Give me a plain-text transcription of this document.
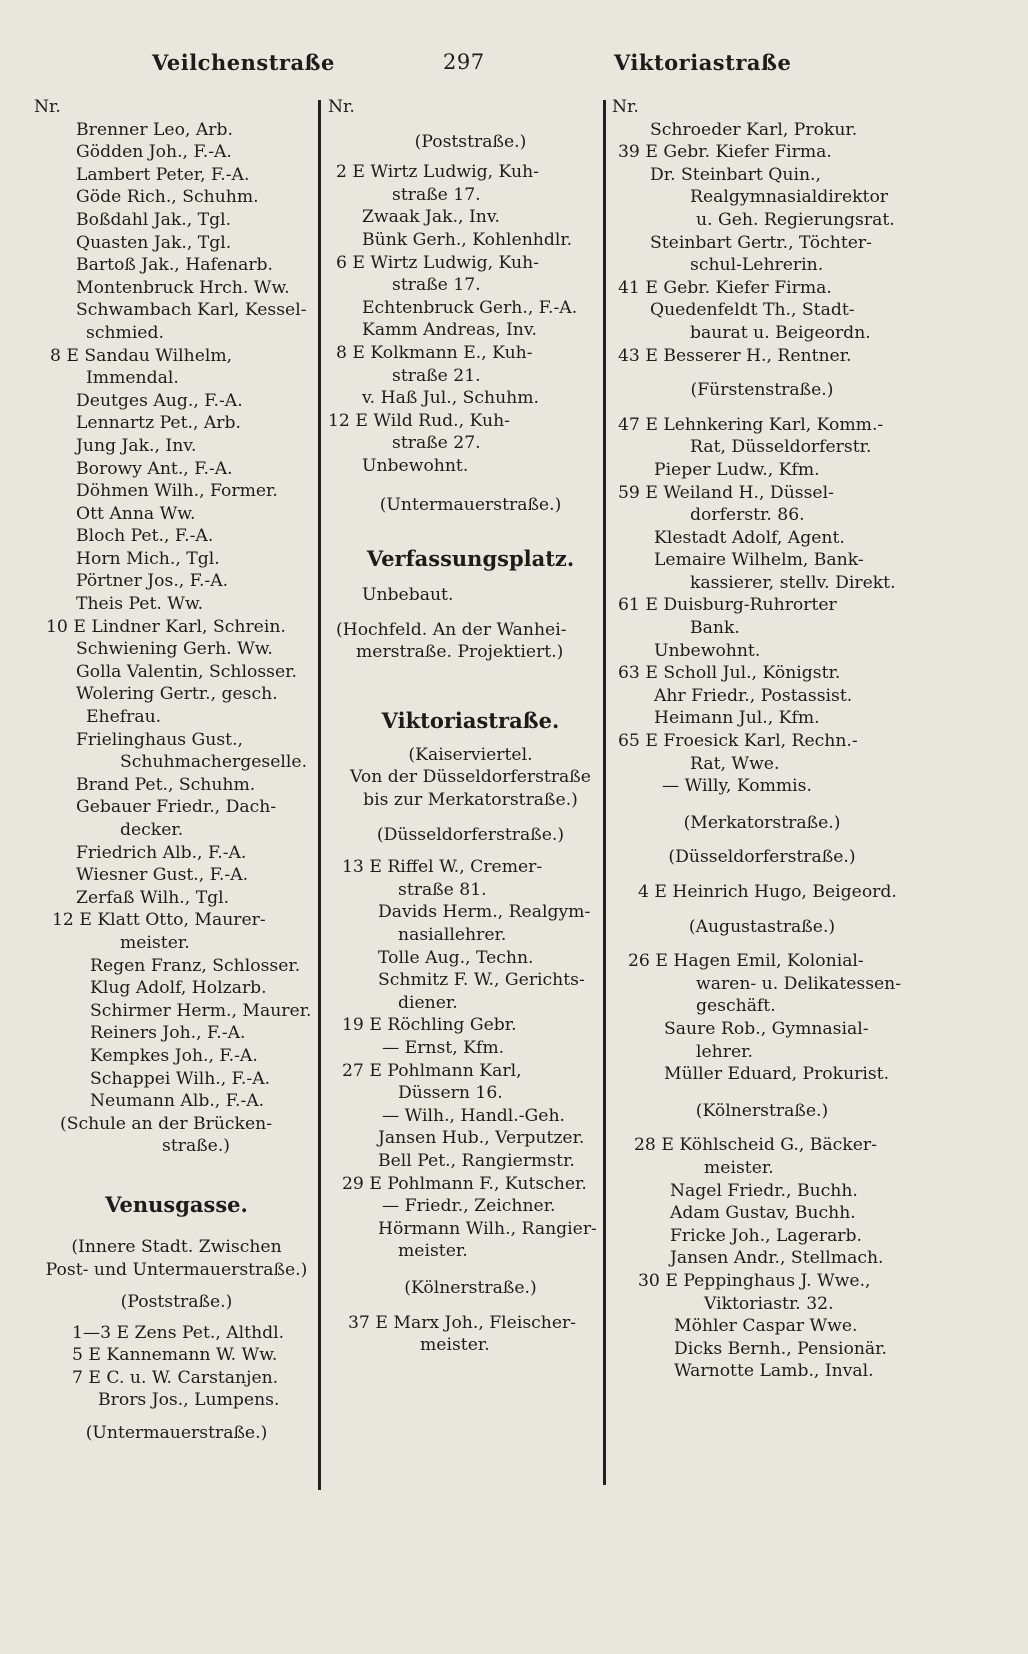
Veilchenstraße	297	Viktoriastraße
Nr.
Brenner Leo, Arb.
Gödden Joh., F.-A.
Lambert Peter, F.-A.
Göde Rich., Schuhm.
Boßdahl Jak., Tgl.
Quasten Jak., Tgl.
Bartoß Jak., Hafenarb.
Montenbruck Hrch. Ww.
Schwambach Karl, Kessel-
schmied.
8 E Sandau Wilhelm,
Immendal.
Deutges Aug., F.-A.
Lennartz Pet., Arb.
Jung Jak., Inv.
Borowy Ant., F.-A.
Döhmen Wilh., Former.
Ott Anna Ww.
Bloch Pet., F.-A.
Horn Mich., Tgl.
Pörtner Jos., F.-A.
Theis Pet. Ww.
10 E Lindner Karl, Schrein.
Schwiening Gerh. Ww.
Golla Valentin, Schlosser.
Wolering Gertr., gesch.
Ehefrau.
Frielinghaus Gust.,
Schuhmachergeselle.
Brand Pet., Schuhm.
Gebauer Friedr., Dach-
decker.
Friedrich Alb., F.-A.
Wiesner Gust., F.-A.
Zerfaß Wilh., Tgl.
12 E Klatt Otto, Maurer-
meister.
Regen Franz, Schlosser.
Klug Adolf, Holzarb.
Schirmer Herm., Maurer.
Reiners Joh., F.-A.
Kempkes Joh., F.-A.
Schappei Wilh., F.-A.
Neumann Alb., F.-A.
(Schule an der Brücken-
straße.)
Venusgasse.
(Innere Stadt. Zwischen
Post- und Untermauerstraße.)
(Poststraße.)
1—3 E Zens Pet., Althdl.
5 E Kannemann W. Ww.
7 E C. u. W. Carstanjen.
Brors Jos., Lumpens.
(Untermauerstraße.)
Nr.
(Poststraße.)
2 E Wirtz Ludwig, Kuh-
straße 17.
Zwaak Jak., Inv.
Bünk Gerh., Kohlenhdlr.
6 E Wirtz Ludwig, Kuh-
straße 17.
Echtenbruck Gerh., F.-A.
Kamm Andreas, Inv.
8 E Kolkmann E., Kuh-
straße 21.
v. Haß Jul., Schuhm.
12 E Wild Rud., Kuh-
straße 27.
Unbewohnt.
(Untermauerstraße.)
Verfassungsplatz.
Unbebaut.
(Hochfeld. An der Wanhei-
merstraße. Projektiert.)
Viktoriastraße.
(Kaiserviertel.
Von der Düsseldorferstraße
bis zur Merkatorstraße.)
(Düsseldorferstraße.)
13 E Riffel W., Cremer-
straße 81.
Davids Herm., Realgym-
nasiallehrer.
Tolle Aug., Techn.
Schmitz F. W., Gerichts-
diener.
19 E Röchling Gebr.
— Ernst, Kfm.
27 E Pohlmann Karl,
Düssern 16.
— Wilh., Handl.-Geh.
Jansen Hub., Verputzer.
Bell Pet., Rangiermstr.
29 E Pohlmann F., Kutscher.
— Friedr., Zeichner.
Hörmann Wilh., Rangier-
meister.
(Kölnerstraße.)
37 E Marx Joh., Fleischer-
meister.
Nr.
Schroeder Karl, Prokur.
39 E Gebr. Kiefer Firma.
Dr. Steinbart Quin.,
Realgymnasialdirektor
u. Geh. Regierungsrat.
Steinbart Gertr., Töchter-
schul-Lehrerin.
41 E Gebr. Kiefer Firma.
Quedenfeldt Th., Stadt-
baurat u. Beigeordn.
43 E Besserer H., Rentner.
(Fürstenstraße.)
47 E Lehnkering Karl, Komm.-
Rat, Düsseldorferstr.
Pieper Ludw., Kfm.
59 E Weiland H., Düssel-
dorferstr. 86.
Klestadt Adolf, Agent.
Lemaire Wilhelm, Bank-
kassierer, stellv. Direkt.
61 E Duisburg-Ruhrorter
Bank.
Unbewohnt.
63 E Scholl Jul., Königstr.
Ahr Friedr., Postassist.
Heimann Jul., Kfm.
65 E Froesick Karl, Rechn.-
Rat, Wwe.
— Willy, Kommis.
(Merkatorstraße.)
(Düsseldorferstraße.)
4 E Heinrich Hugo, Beigeord.
(Augustastraße.)
26 E Hagen Emil, Kolonial-
waren- u. Delikatessen-
geschäft.
Saure Rob., Gymnasial-
lehrer.
Müller Eduard, Prokurist.
(Kölnerstraße.)
28 E Köhlscheid G., Bäcker-
meister.
Nagel Friedr., Buchh.
Adam Gustav, Buchh.
Fricke Joh., Lagerarb.
Jansen Andr., Stellmach.
30 E Peppinghaus J. Wwe.,
Viktoriastr. 32.
Möhler Caspar Wwe.
Dicks Bernh., Pensionär.
Warnotte Lamb., Inval.
